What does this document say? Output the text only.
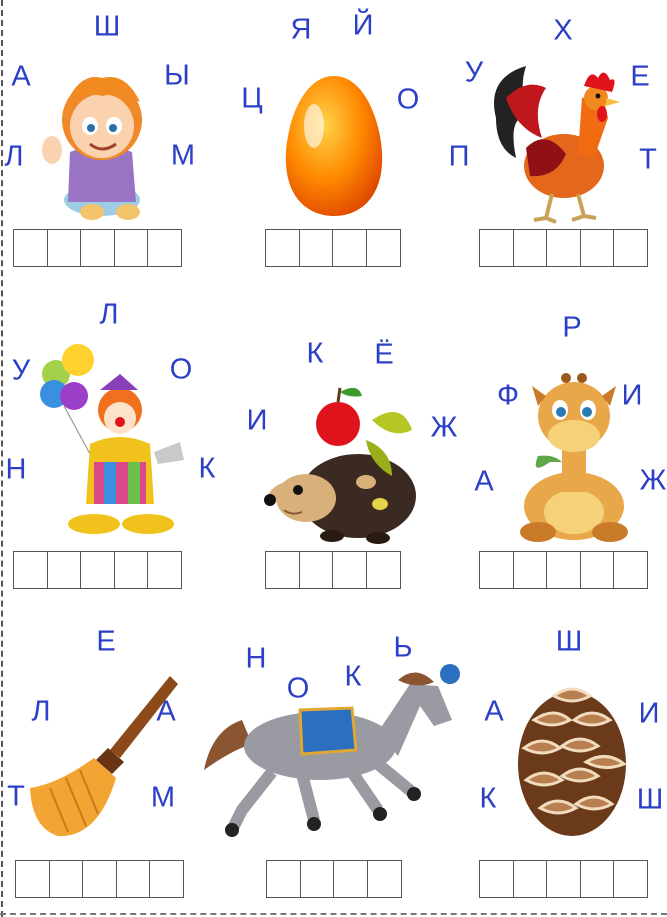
Ш
А	Ы
Л	М
Я Й
Ц	О
Х
У	Е
П	Т
Л
У	О
Н	К
К Ё
И	Ж
Р
Ф	И
А	Ж
Е
Л	А
Т	М
Н	Ь
О К
Ш
А	И
К	Ш
